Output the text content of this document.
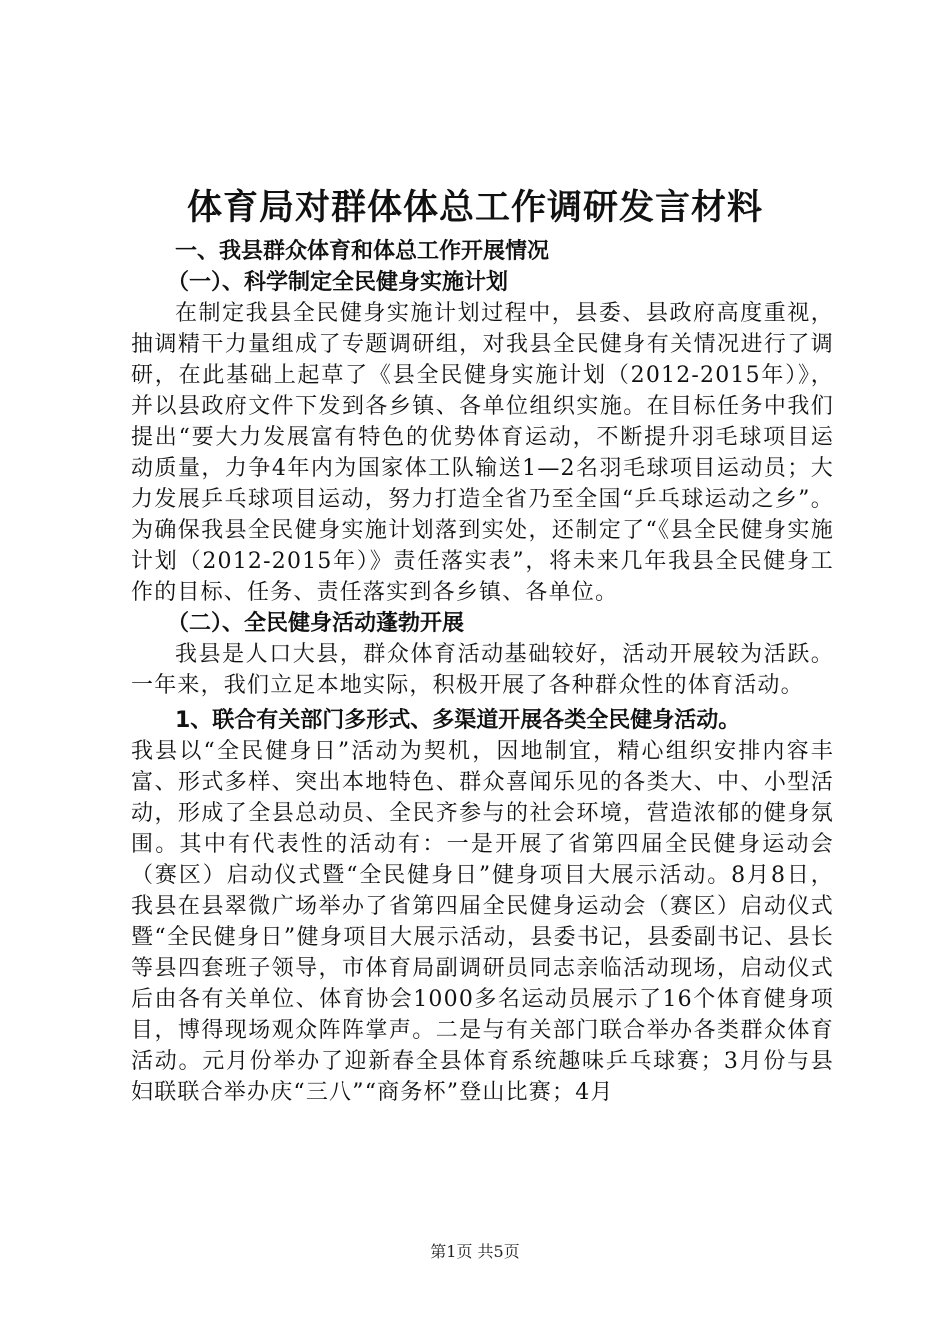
体育局对群体体总工作调研发言材料
一、我县群众体育和体总工作开展情况
（一）、科学制定全民健身实施计划

在制定我县全民健身实施计划过程中，县委、县政府高度重视，抽调精干力量组成了专题调研组，对我县全民健身有关情况进行了调研，在此基础上起草了《县全民健身实施计划（2012-2015年）》，并以县政府文件下发到各乡镇、各单位组织实施。在目标任务中我们提出“要大力发展富有特色的优势体育运动，不断提升羽毛球项目运动质量，力争4年内为国家体工队输送1—2名羽毛球项目运动员；大力发展乒乓球项目运动，努力打造全省乃至全国“乒乓球运动之乡”。为确保我县全民健身实施计划落到实处，还制定了“《县全民健身实施计划（2012-2015年）》责任落实表”，将未来几年我县全民健身工作的目标、任务、责任落实到各乡镇、各单位。

（二）、全民健身活动蓬勃开展

我县是人口大县，群众体育活动基础较好，活动开展较为活跃。一年来，我们立足本地实际，积极开展了各种群众性的体育活动。

1、联合有关部门多形式、多渠道开展各类全民健身活动。

我县以“全民健身日”活动为契机，因地制宜，精心组织安排内容丰富、形式多样、突出本地特色、群众喜闻乐见的各类大、中、小型活动，形成了全县总动员、全民齐参与的社会环境，营造浓郁的健身氛围。其中有代表性的活动有：一是开展了省第四届全民健身运动会（赛区）启动仪式暨“全民健身日”健身项目大展示活动。8月8日，我县在县翠微广场举办了省第四届全民健身运动会（赛区）启动仪式暨“全民健身日”健身项目大展示活动，县委书记，县委副书记、县长等县四套班子领导，市体育局副调研员同志亲临活动现场，启动仪式后由各有关单位、体育协会1000多名运动员展示了16个体育健身项目，博得现场观众阵阵掌声。二是与有关部门联合举办各类群众体育活动。元月份举办了迎新春全县体育系统趣味乒乓球赛；3月份与县妇联联合举办庆“三八”“商务杯”登山比赛；4月

第1页 共5页
